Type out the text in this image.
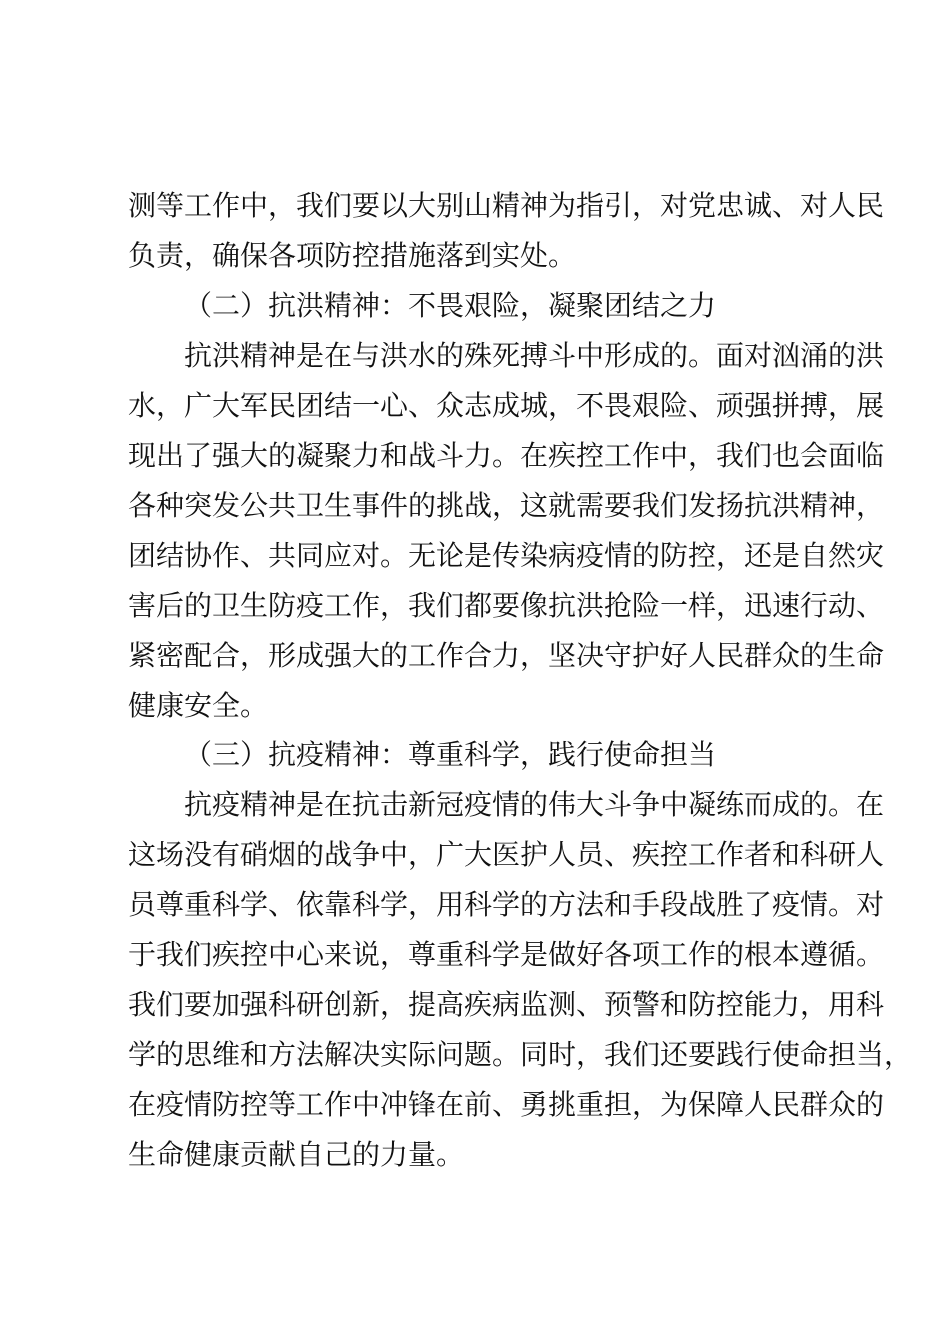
测等工作中，我们要以大别山精神为指引，对党忠诚、对人民

负责，确保各项防控措施落到实处。

（二）抗洪精神：不畏艰险，凝聚团结之力

抗洪精神是在与洪水的殊死搏斗中形成的。面对汹涌的洪

水，广大军民团结一心、众志成城，不畏艰险、顽强拼搏，展

现出了强大的凝聚力和战斗力。在疾控工作中，我们也会面临

各种突发公共卫生事件的挑战，这就需要我们发扬抗洪精神，

团结协作、共同应对。无论是传染病疫情的防控，还是自然灾

害后的卫生防疫工作，我们都要像抗洪抢险一样，迅速行动、

紧密配合，形成强大的工作合力，坚决守护好人民群众的生命

健康安全。

（三）抗疫精神：尊重科学，践行使命担当

抗疫精神是在抗击新冠疫情的伟大斗争中凝练而成的。在

这场没有硝烟的战争中，广大医护人员、疾控工作者和科研人

员尊重科学、依靠科学，用科学的方法和手段战胜了疫情。对

于我们疾控中心来说，尊重科学是做好各项工作的根本遵循。

我们要加强科研创新，提高疾病监测、预警和防控能力，用科

学的思维和方法解决实际问题。同时，我们还要践行使命担当，

在疫情防控等工作中冲锋在前、勇挑重担，为保障人民群众的

生命健康贡献自己的力量。
